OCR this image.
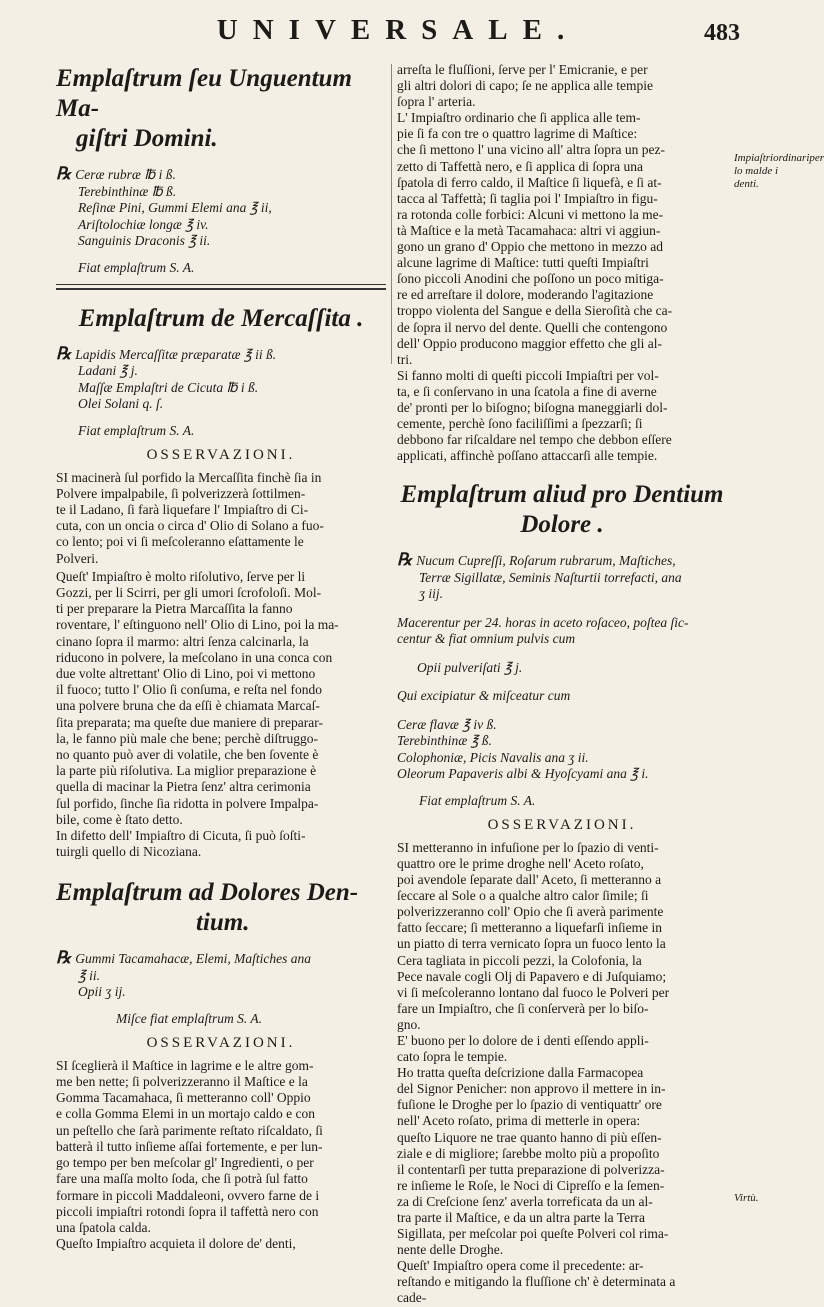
UNIVERSALE.	483
Emplaſtrum ſeu Unguentum Ma-
giſtri Domini.
℞ Ceræ rubræ ℔ i ß.
Terebinthinæ ℔ ß.
Reſinæ Pini, Gummi Elemi ana ℥ ii,
Ariſtolochiæ longæ ℥ iv.
Sanguinis Draconis ℥ ii.
Fiat emplaſtrum S. A.
Emplaſtrum de Mercaſſita .
℞ Lapidis Mercaſſitæ præparatæ ℥ ii ß.
Ladani ℥ j.
Maſſæ Emplaſtri de Cicuta ℔ i ß.
Olei Solani q. ſ.
Fiat emplaſtrum S. A.
OSSERVAZIONI.
SI macinerà ſul porfido la Mercaſſita finchè ſia in
Polvere impalpabile, ſi polverizzerà ſottilmen-
te il Ladano, ſi farà liquefare l' Impiaſtro di Ci-
cuta, con un oncia o circa d' Olio di Solano a fuo-
co lento; poi vi ſi meſcoleranno eſattamente le
Polveri.
Queſt' Impiaſtro è molto riſolutivo, ſerve per li
Gozzi, per li Scirri, per gli umori ſcrofoloſi. Mol-
ti per preparare la Pietra Marcaſſita la fanno
roventare, l' eſtinguono nell' Olio di Lino, poi la ma-
cinano ſopra il marmo: altri ſenza calcinarla, la
riducono in polvere, la meſcolano in una conca con
due volte altrettant' Olio di Lino, poi vi mettono
il fuoco; tutto l' Olio ſi conſuma, e reſta nel fondo
una polvere bruna che da eſſi è chiamata Marcaſ-
ſita preparata; ma queſte due maniere di preparar-
la, le fanno più male che bene; perchè diſtruggo-
no quanto può aver di volatile, che ben ſovente è
la parte più riſolutiva. La miglior preparazione è
quella di macinar la Pietra ſenz' altra cerimonia
ſul porfido, ſinche ſia ridotta in polvere Impalpa-
bile, come è ſtato detto.
In difetto dell' Impiaſtro di Cicuta, ſi può ſoſti-
tuirgli quello di Nicoziana.
Emplaſtrum ad Dolores Den-
tium.
℞ Gummi Tacamahacæ, Elemi, Maſtiches ana
℥ ii.
Opii ʒ ij.
Miſce fiat emplaſtrum S. A.
OSSERVAZIONI.
SI ſceglierà il Maſtice in lagrime e le altre gom-
me ben nette; ſi polverizzeranno il Maſtice e la
Gomma Tacamahaca, ſi metteranno coll' Oppio
e colla Gomma Elemi in un mortajo caldo e con
un peſtello che ſarà parimente reſtato riſcaldato, ſi
batterà il tutto inſieme aſſai fortemente, e per lun-
go tempo per ben meſcolar gl' Ingredienti, o per
fare una maſſa molto ſoda, che ſi potrà ſul fatto
formare in piccoli Maddaleoni, ovvero farne de i
piccoli impiaſtri rotondi ſopra il taffettà nero con
una ſpatola calda.
Queſto Impiaſtro acquieta il dolore de' denti,
arreſta le fluſſioni, ſerve per l' Emicranie, e per
gli altri dolori di capo; ſe ne applica alle tempie
ſopra l' arteria.
L' Impiaſtro ordinario che ſi applica alle tem-
pie ſi fa con tre o quattro lagrime di Maſtice:
che ſi mettono l' una vicino all' altra ſopra un pez-
zetto di Taffettà nero, e ſi applica di ſopra una
ſpatola di ferro caldo, il Maſtice ſi liquefà, e ſi at-
tacca al Taffettà; ſi taglia poi l' Impiaſtro in figu-
ra rotonda colle forbici: Alcuni vi mettono la me-
tà Maſtice e la metà Tacamahaca: altri vi aggiun-
gono un grano d' Oppio che mettono in mezzo ad
alcune lagrime di Maſtice: tutti queſti Impiaſtri
ſono piccoli Anodini che poſſono un poco mitiga-
re ed arreſtare il dolore, moderando l'agitazione
troppo violenta del Sangue e della Sieroſità che ca-
de ſopra il nervo del dente. Quelli che contengono
dell' Oppio producono maggior effetto che gli al-
tri.
Si fanno molti di queſti piccoli Impiaſtri per vol-
ta, e ſi conſervano in una ſcatola a fine di averne
de' pronti per lo biſogno; biſogna maneggiarli dol-
cemente, perchè ſono faciliſſimi a ſpezzarſi; ſi
debbono far riſcaldare nel tempo che debbon eſſere
applicati, affinchè poſſano attaccarſi alle tempie.
Emplaſtrum aliud pro Dentium
Dolore .
℞ Nucum Cupreſſi, Roſarum rubrarum, Maſtiches,
Terræ Sigillatæ, Seminis Naſturtii torrefacti, ana
ʒ iij.
Macerentur per 24. horas in aceto roſaceo, poſtea ſic-
centur & fiat omnium pulvis cum
Opii pulveriſati ℥ j.
Qui excipiatur & miſceatur cum
Ceræ flavæ ℥ iv ß.
Terebinthinæ ℥ ß.
Colophoniæ, Picis Navalis ana ʒ ii.
Oleorum Papaveris albi & Hyoſcyami ana ℥ i.
Fiat emplaſtrum S. A.
OSSERVAZIONI.
SI metteranno in infuſione per lo ſpazio di venti-
quattro ore le prime droghe nell' Aceto roſato,
poi avendole ſeparate dall' Aceto, ſi metteranno a
ſeccare al Sole o a qualche altro calor ſimile; ſi
polverizzeranno coll' Opio che ſi averà parimente
fatto ſeccare; ſi metteranno a liquefarſi inſieme in
un piatto di terra vernicato ſopra un fuoco lento la
Cera tagliata in piccoli pezzi, la Colofonia, la
Pece navale cogli Olj di Papavero e di Juſquiamo;
vi ſi meſcoleranno lontano dal fuoco le Polveri per
fare un Impiaſtro, che ſi conſerverà per lo biſo-
gno.
E' buono per lo dolore de i denti eſſendo appli-
cato ſopra le tempie.
Ho tratta queſta deſcrizione dalla Farmacopea
del Signor Penicher: non approvo il mettere in in-
fuſione le Droghe per lo ſpazio di ventiquattr' ore
nell' Aceto roſato, prima di metterle in opera:
queſto Liquore ne trae quanto hanno di più eſſen-
ziale e di migliore; ſarebbe molto più a propoſito
il contentarſi per tutta preparazione di polverizza-
re inſieme le Roſe, le Noci di Cipreſſo e la ſemen-
za di Creſcione ſenz' averla torreficata da un al-
tra parte il Maſtice, e da un altra parte la Terra
Sigillata, per meſcolar poi queſte Polveri col rima-
nente delle Droghe.
Queſt' Impiaſtro opera come il precedente: ar-
reſtando e mitigando la fluſſione ch' è determinata a
cade-
Impiaſtriordinariper lo malde i denti.
Virtù.
